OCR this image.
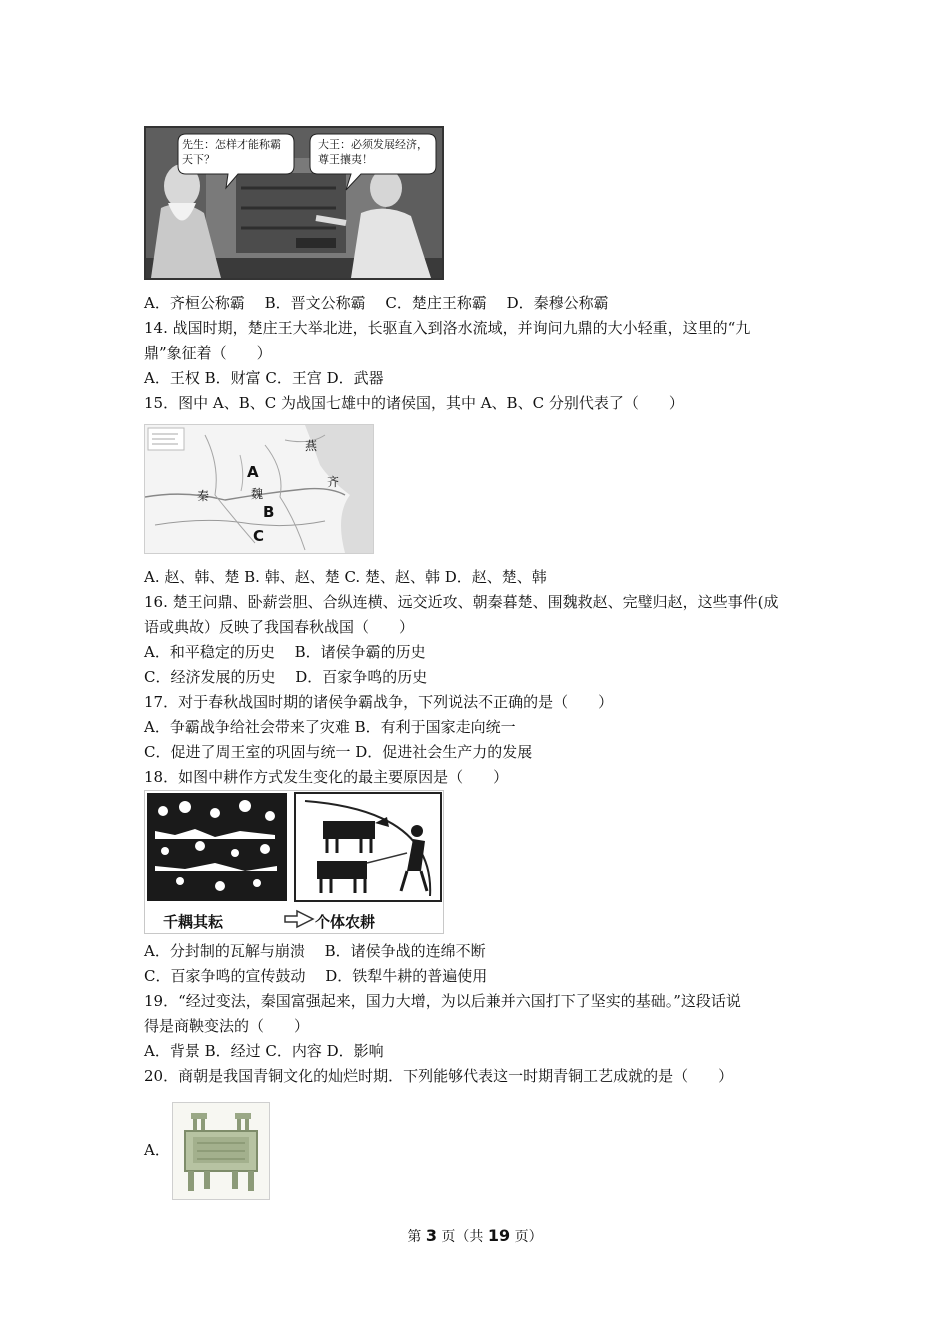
先生：怎样才能称霸天下？
大王：必须发展经济，尊王攘夷！
A．齐桓公称霸　 B．晋文公称霸　 C．楚庄王称霸　 D．秦穆公称霸
14. 战国时期，楚庄王大举北进，长驱直入到洛水流域，并询问九鼎的大小轻重，这里的“九
鼎”象征着（　　）
A．王权 B．财富 C．王宫 D．武器
15．图中 A、B、C 为战国七雄中的诸侯国，其中 A、B、C 分别代表了（　　）
燕
齐
秦	魏
A
B
C
A. 赵、韩、楚 B. 韩、赵、楚 C. 楚、赵、韩 D．赵、楚、韩
16. 楚王问鼎、卧薪尝胆、合纵连横、远交近攻、朝秦暮楚、围魏救赵、完璧归赵，这些事件(成
语或典故）反映了我国春秋战国（　　）
A．和平稳定的历史　 B．诸侯争霸的历史
C．经济发展的历史　 D．百家争鸣的历史
17．对于春秋战国时期的诸侯争霸战争，下列说法不正确的是（　　）
A．争霸战争给社会带来了灾难 B．有利于国家走向统一
C．促进了周王室的巩固与统一 D．促进社会生产力的发展
18．如图中耕作方式发生变化的最主要原因是（　　）
千耦其耘	个体农耕
A．分封制的瓦解与崩溃　 B．诸侯争战的连绵不断
C．百家争鸣的宣传鼓动　 D．铁犁牛耕的普遍使用
19．“经过变法，秦国富强起来，国力大增，为以后兼并六国打下了坚实的基础。”这段话说
得是商鞅变法的（　　）
A．背景 B．经过 C．内容 D．影响
20．商朝是我国青铜文化的灿烂时期．下列能够代表这一时期青铜工艺成就的是（　　）
A．
第 3 页（共 19 页）
